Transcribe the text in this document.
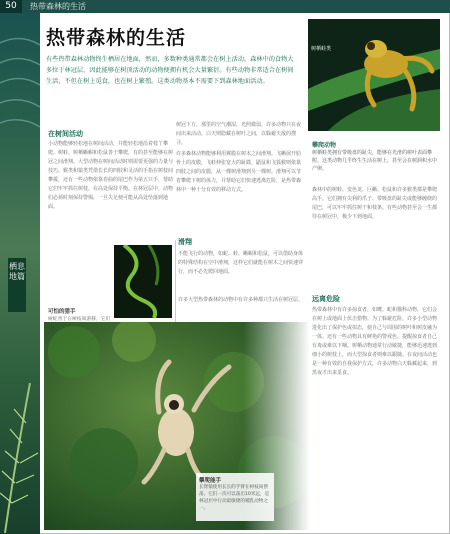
50	热带森林的生活
栖息地篇
热带森林的生活
有些热带森林动物终生栖居在地面，然而，多数种类通常都会在树上活动。森林中的食物大多位于林冠层，因此能够在树顶活动的动物便拥有机会大量繁衍。有些动物非常适合在树间生活，不但在树上觅食，也在树上繁殖。这类动物基本不需要下到森林地面活动。
树栖蛙类
攀爬动物
树栖蛙类拥有带吸盘的趾尖，能够在光滑的树叶表面攀附。这类动物几乎终生生活在树上，甚至会在树洞积水中产卵。
在树间活动
小动物能够轻松地在树间活动，并能轻松地沿着枝丫攀爬。树蛙、树栖蜥蜴和松鼠善于攀爬，有的甚至能够在树冠之间滑翔。大型动物在树间活动时则需要更强的力量与技巧。猴类和猿类凭借长长的四肢和灵活的手指在树枝间攀援，还有一些动物依靠卷曲的尾巴作为第五只手，帮助它们牢牢抓住树枝，在高处保持平衡。在林冠层中，动物们必须时刻保持警惕，一旦失足便可能从高处坠落到地面。
树冠下方，那里的空气潮湿，光照微弱。许多动物只在夜间出来活动，白天则隐藏在树叶之间，以躲避天敌的搜寻。
许多森林动物能够利用翼膜在树木之间滑翔。飞蜥展开肋骨上的皮膜，飞蛙伸张宽大的趾蹼，鼯鼠和飞狐猴则依靠四肢之间的皮膜，从一棵树滑翔到另一棵树。滑翔可以节省攀爬下树的体力，并帮助它们快速逃离危险，是热带森林中一种十分有效的移动方式。
滑翔
不能飞行的动物，如蛇、蛙、蜥蜴和松鼠，可以借助身体的特殊结构在空中滑翔，这样它们就能在树木之间快速穿行，而不必先爬回地面。
许多大型热带森林的动物中有许多种都只生活在树冠层。
可怕的猎手
树蛇善于在树枝间游移，它们
森林中的树蛙、变色龙、巨蜥、松鼠和许多猴类都是攀爬高手。它们拥有尖利的爪子、带吸盘的趾尖或能够缠绕的尾巴，可以牢牢抓住树干和枝条。有些动物甚至会一生都待在树冠中，极少下到地面。
远离危险
热带森林中有许多掠食者，如鹰、蛇和猫科动物，它们会在树上或地面上伏击猎物。为了躲避危险，许多小型动物进化出了保护色或拟态，使自己与周围的树叶和树皮融为一体。还有一些动物具有鲜艳的警戒色，提醒掠食者自己有毒或难以下咽。树栖动物通常行动敏捷，能够迅速逃到细小的树枝上，而大型掠食者则难以跟随。在夜间活动也是一种有效的自我保护方式，许多动物白天躲藏起来，到黑夜才出来觅食。
攀爬能手
长臂猿使用长长的手臂在树枝间摆荡，它们一次可以荡出10米远，是林冠层中行动最敏捷的哺乳动物之一。
